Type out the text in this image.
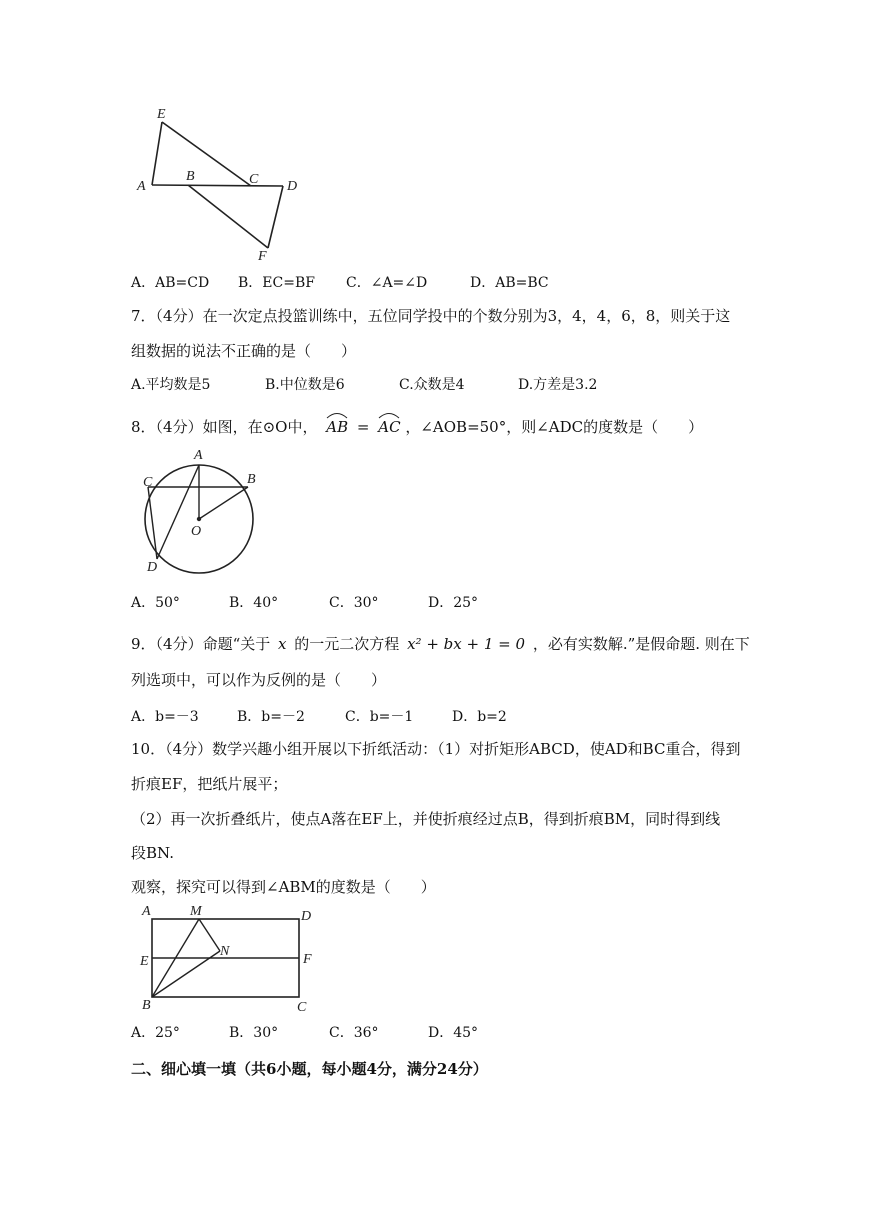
E
A
B	C D
F
A．AB=CD B．EC=BF C．∠A=∠D	D．AB=BC
7．（4分）在一次定点投篮训练中，五位同学投中的个数分别为3，4，4，6，8，则关于这
组数据的说法不正确的是（　　）
A.平均数是5	B.中位数是6	C.众数是4	D.方差是3.2
8．（4分）如图，在⊙O中， AB = AC ，∠AOB=50°，则∠ADC的度数是（　　）
A
B
C
O
D
A．50°	B．40°	C．30°	D．25°
9．（4分）命题“关于 x 的一元二次方程 x² + bx + 1 = 0 ，必有实数解.”是假命题. 则在下
列选项中，可以作为反例的是（　　）
A．b=－3	B．b=－2	C．b=－1	D．b=2
10．（4分）数学兴趣小组开展以下折纸活动：（1）对折矩形ABCD，使AD和BC重合，得到
折痕EF，把纸片展平；
（2）再一次折叠纸片，使点A落在EF上，并使折痕经过点B，得到折痕BM，同时得到线
段BN.
观察，探究可以得到∠ABM的度数是（　　）
A	M	D
N
E	F
B	C
A．25°	B．30°	C．36°	D．45°
二、细心填一填（共6小题，每小题4分，满分24分）
